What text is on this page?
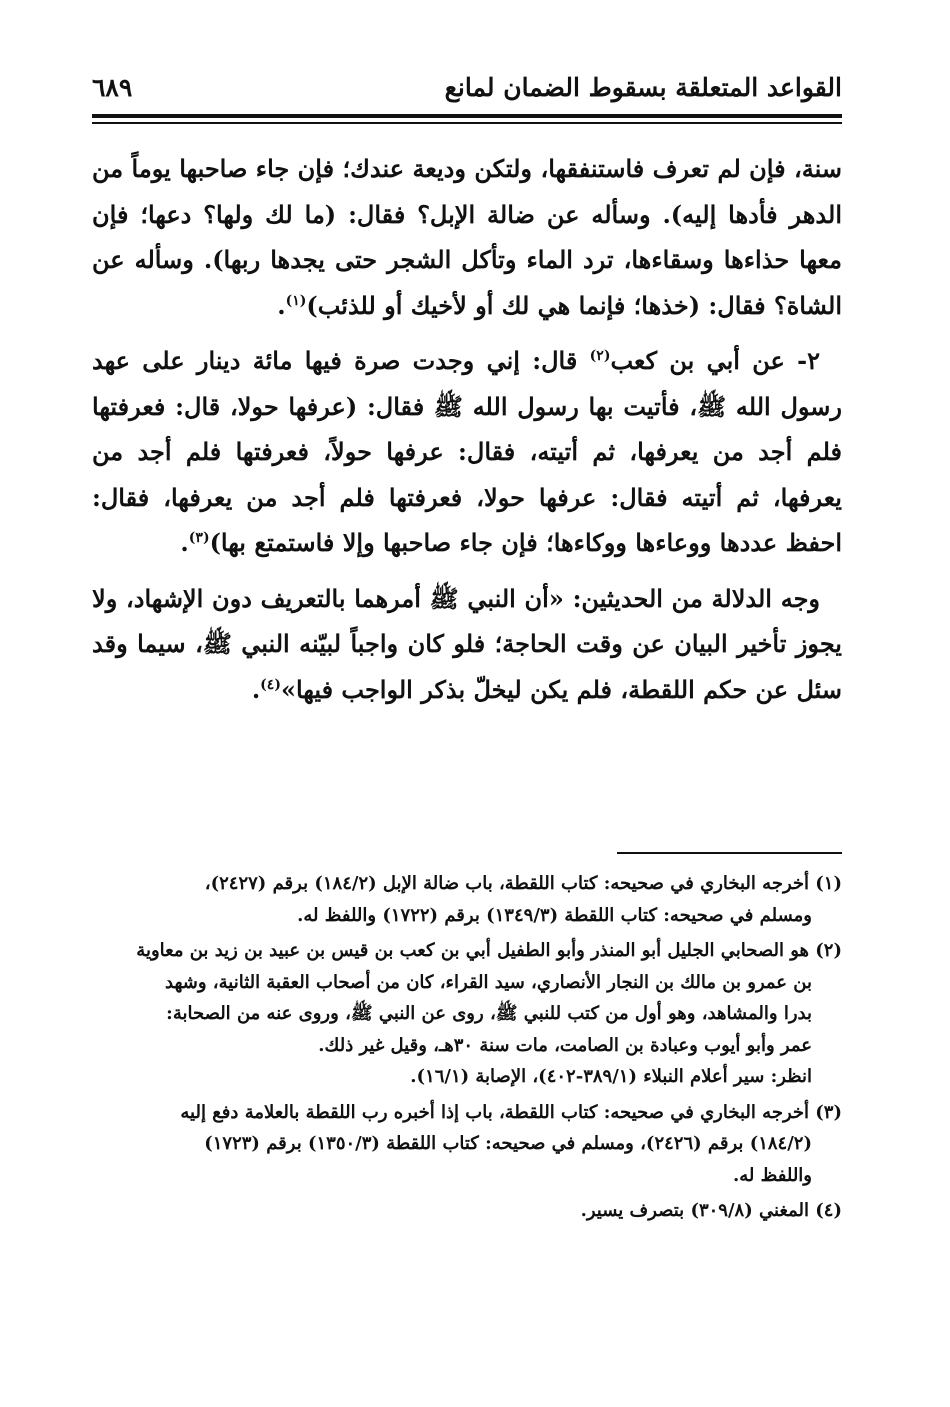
القواعد المتعلقة بسقوط الضمان لمانع
٦٨٩

سنة، فإن لم تعرف فاستنفقها، ولتكن وديعة عندك؛ فإن جاء صاحبها يوماً من الدهر فأدها إليه). وسأله عن ضالة الإبل؟ فقال: (ما لك ولها؟ دعها؛ فإن معها حذاءها وسقاءها، ترد الماء وتأكل الشجر حتى يجدها ربها). وسأله عن الشاة؟ فقال: (خذها؛ فإنما هي لك أو لأخيك أو للذئب)$^{(١)}$.

٢- عن أبي بن كعب$^{(٢)}$ قال: إني وجدت صرة فيها مائة دينار على عهد رسول الله ﷺ، فأتيت بها رسول الله ﷺ فقال: (عرفها حولا، قال: فعرفتها فلم أجد من يعرفها، ثم أتيته، فقال: عرفها حولاً، فعرفتها فلم أجد من يعرفها، ثم أتيته فقال: عرفها حولا، فعرفتها فلم أجد من يعرفها، فقال: احفظ عددها ووعاءها ووكاءها؛ فإن جاء صاحبها وإلا فاستمتع بها)$^{(٣)}$.

وجه الدلالة من الحديثين: «أن النبي ﷺ أمرهما بالتعريف دون الإشهاد، ولا يجوز تأخير البيان عن وقت الحاجة؛ فلو كان واجباً لبيّنه النبي ﷺ، سيما وقد سئل عن حكم اللقطة، فلم يكن ليخلّ بذكر الواجب فيها»$^{(٤)}$.

(١) أخرجه البخاري في صحيحه: كتاب اللقطة، باب ضالة الإبل (١٨٤/٢) برقم (٢٤٢٧)،
ومسلم في صحيحه: كتاب اللقطة (١٣٤٩/٣) برقم (١٧٢٢) واللفظ له.
(٢) هو الصحابي الجليل أبو المنذر وأبو الطفيل أبي بن كعب بن قيس بن عبيد بن زيد بن معاوية
بن عمرو بن مالك بن النجار الأنصاري، سيد القراء، كان من أصحاب العقبة الثانية، وشهد
بدرا والمشاهد، وهو أول من كتب للنبي ﷺ، روى عن النبي ﷺ، وروى عنه من الصحابة:
عمر وأبو أيوب وعبادة بن الصامت، مات سنة ٣٠هـ، وقيل غير ذلك.
انظر: سير أعلام النبلاء (٣٨٩/١-٤٠٢)، الإصابة (١٦/١).
(٣) أخرجه البخاري في صحيحه: كتاب اللقطة، باب إذا أخبره رب اللقطة بالعلامة دفع إليه
(١٨٤/٢) برقم (٢٤٢٦)، ومسلم في صحيحه: كتاب اللقطة (١٣٥٠/٣) برقم (١٧٢٣)
واللفظ له.
(٤) المغني (٣٠٩/٨) بتصرف يسير.
